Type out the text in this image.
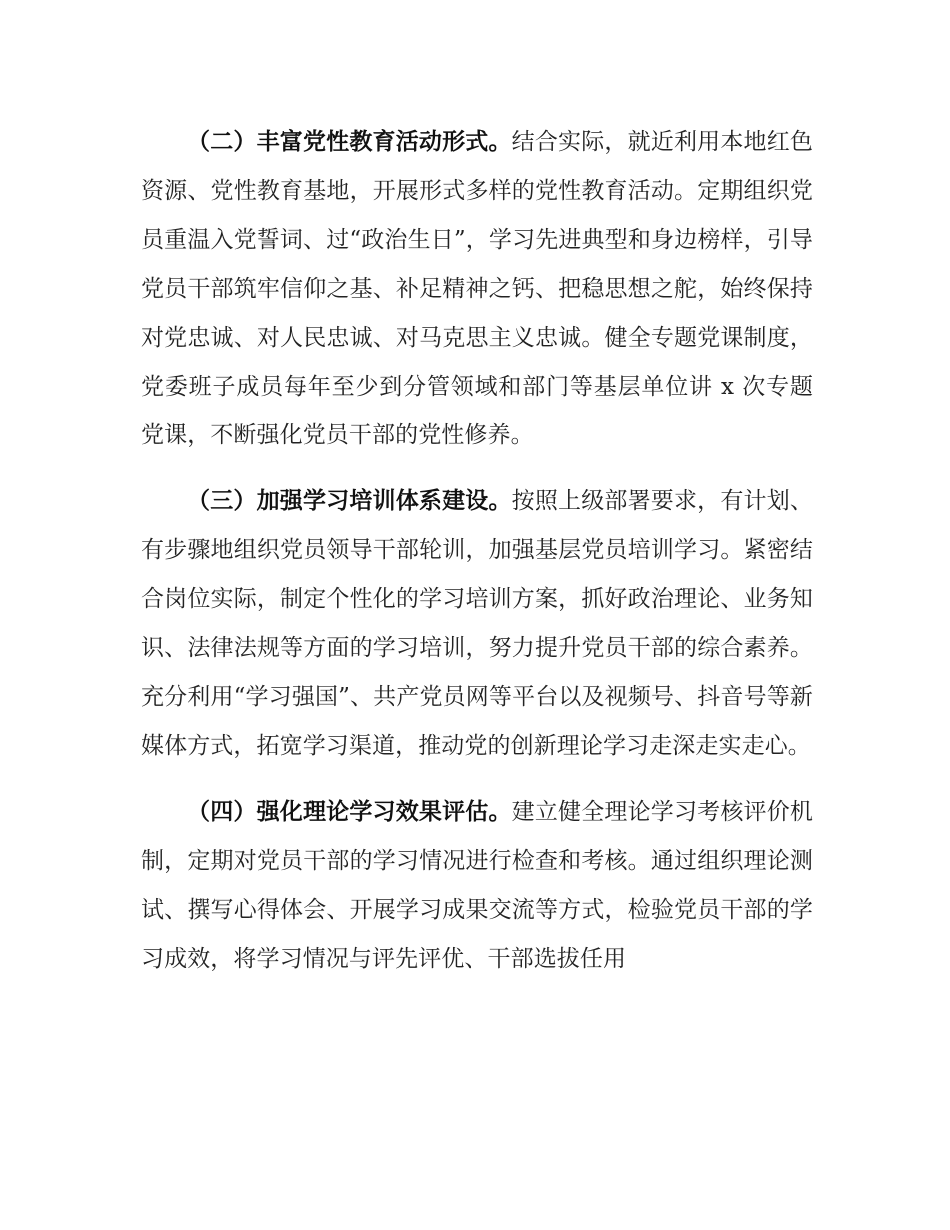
（二）丰富党性教育活动形式。结合实际，就近利用本地红色资源、党性教育基地，开展形式多样的党性教育活动。定期组织党员重温入党誓词、过“政治生日”，学习先进典型和身边榜样，引导党员干部筑牢信仰之基、补足精神之钙、把稳思想之舵，始终保持对党忠诚、对人民忠诚、对马克思主义忠诚。健全专题党课制度，党委班子成员每年至少到分管领域和部门等基层单位讲 x 次专题党课，不断强化党员干部的党性修养。

（三）加强学习培训体系建设。按照上级部署要求，有计划、有步骤地组织党员领导干部轮训，加强基层党员培训学习。紧密结合岗位实际，制定个性化的学习培训方案，抓好政治理论、业务知识、法律法规等方面的学习培训，努力提升党员干部的综合素养。充分利用“学习强国”、共产党员网等平台以及视频号、抖音号等新媒体方式，拓宽学习渠道，推动党的创新理论学习走深走实走心。

（四）强化理论学习效果评估。建立健全理论学习考核评价机制，定期对党员干部的学习情况进行检查和考核。通过组织理论测试、撰写心得体会、开展学习成果交流等方式，检验党员干部的学习成效，将学习情况与评先评优、干部选拔任用
